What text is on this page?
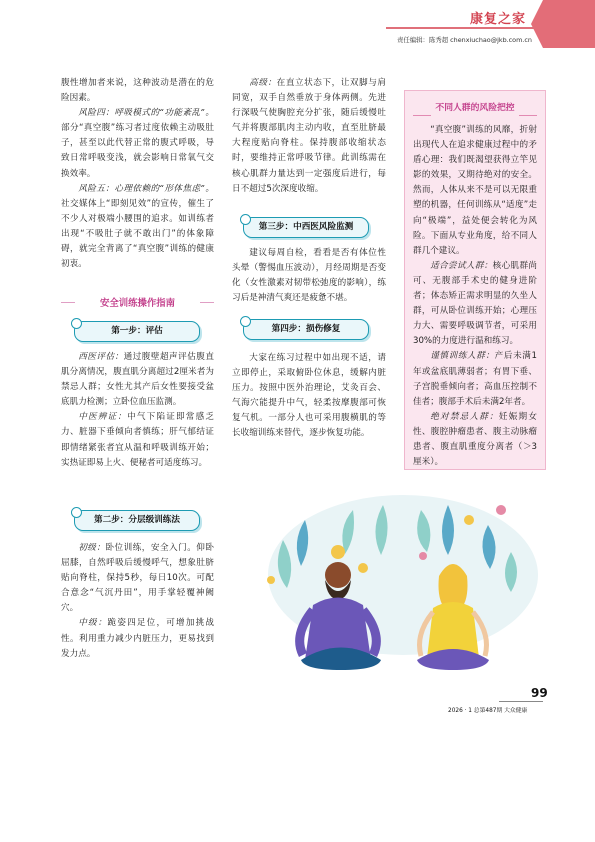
康复之家
责任编辑：陈秀超 chenxiuchao@jkb.com.cn

腹性增加者来说，这种波动是潜在的危险因素。

风险四：呼吸模式的“功能紊乱”。部分“真空腹”练习者过度依赖主动吸肚子，甚至以此代替正常的腹式呼吸，导致日常呼吸变浅，就会影响日常氧气交换效率。

风险五：心理依赖的“形体焦虑”。社交媒体上“即刻见效”的宣传，催生了不少人对极端小腰围的追求。如训练者出现“不吸肚子就不敢出门”的体象障碍，就完全背离了“真空腹”训练的健康初衷。

安全训练操作指南
第一步：评估

西医评估：通过腹壁超声评估腹直肌分离情况，腹直肌分离超过2厘米者为禁忌人群；女性尤其产后女性要接受盆底肌力检测；立卧位血压监测。

中医辨证：中气下陷证即常感乏力、脏器下垂倾向者慎练；肝气郁结证即情绪紧张者宜从温和呼吸训练开始；实热证即易上火、便秘者可适度练习。

第二步：分层级训练法

初级：卧位训练，安全入门。仰卧屈膝，自然呼吸后缓慢呼气，想象肚脐贴向脊柱，保持5秒，每日10次。可配合意念“气沉丹田”，用手掌轻覆神阙穴。

中级：跪姿四足位，可增加挑战性。利用重力减少内脏压力，更易找到发力点。

高级：在直立状态下，让双脚与肩同宽，双手自然垂放于身体两侧。先进行深吸气使胸腔充分扩张，随后缓慢吐气并将腹部肌肉主动内收，直至肚脐最大程度贴向脊柱。保持腹部收缩状态时，要维持正常呼吸节律。此训练需在核心肌群力量达到一定强度后进行，每日不超过5次深度收缩。

第三步：中西医风险监测

建议每周自检，看看是否有体位性头晕（警惕血压波动），月经周期是否变化（女性激素对韧带松弛度的影响），练习后是神清气爽还是疲惫不堪。

第四步：损伤修复

大家在练习过程中如出现不适，请立即停止，采取俯卧位休息，缓解内脏压力。按照中医外治理论，艾灸百会、气海穴能提升中气，轻柔按摩腹部可恢复气机。一部分人也可采用腹横肌的等长收缩训练来替代，逐步恢复功能。

不同人群的风险把控

“真空腹”训练的风靡，折射出现代人在追求健康过程中的矛盾心理：我们既渴望获得立竿见影的效果，又期待绝对的安全。然而，人体从来不是可以无限重塑的机器，任何训练从“适度”走向“极端”，益处便会转化为风险。下面从专业角度，给不同人群几个建议。

适合尝试人群：核心肌群尚可、无腹部手术史的健身进阶者；体态矫正需求明显的久坐人群，可从卧位训练开始；心理压力大、需要呼吸调节者，可采用30%的力度进行温和练习。

谨慎训练人群：产后未满1年或盆底肌薄弱者；有胃下垂、子宫脱垂倾向者；高血压控制不佳者；腹部手术后未满2年者。

绝对禁忌人群：妊娠期女性、腹腔肿瘤患者、腹主动脉瘤患者、腹直肌重度分离者（＞3厘米）。

99
2026 · 1 总第487期 大众健康
